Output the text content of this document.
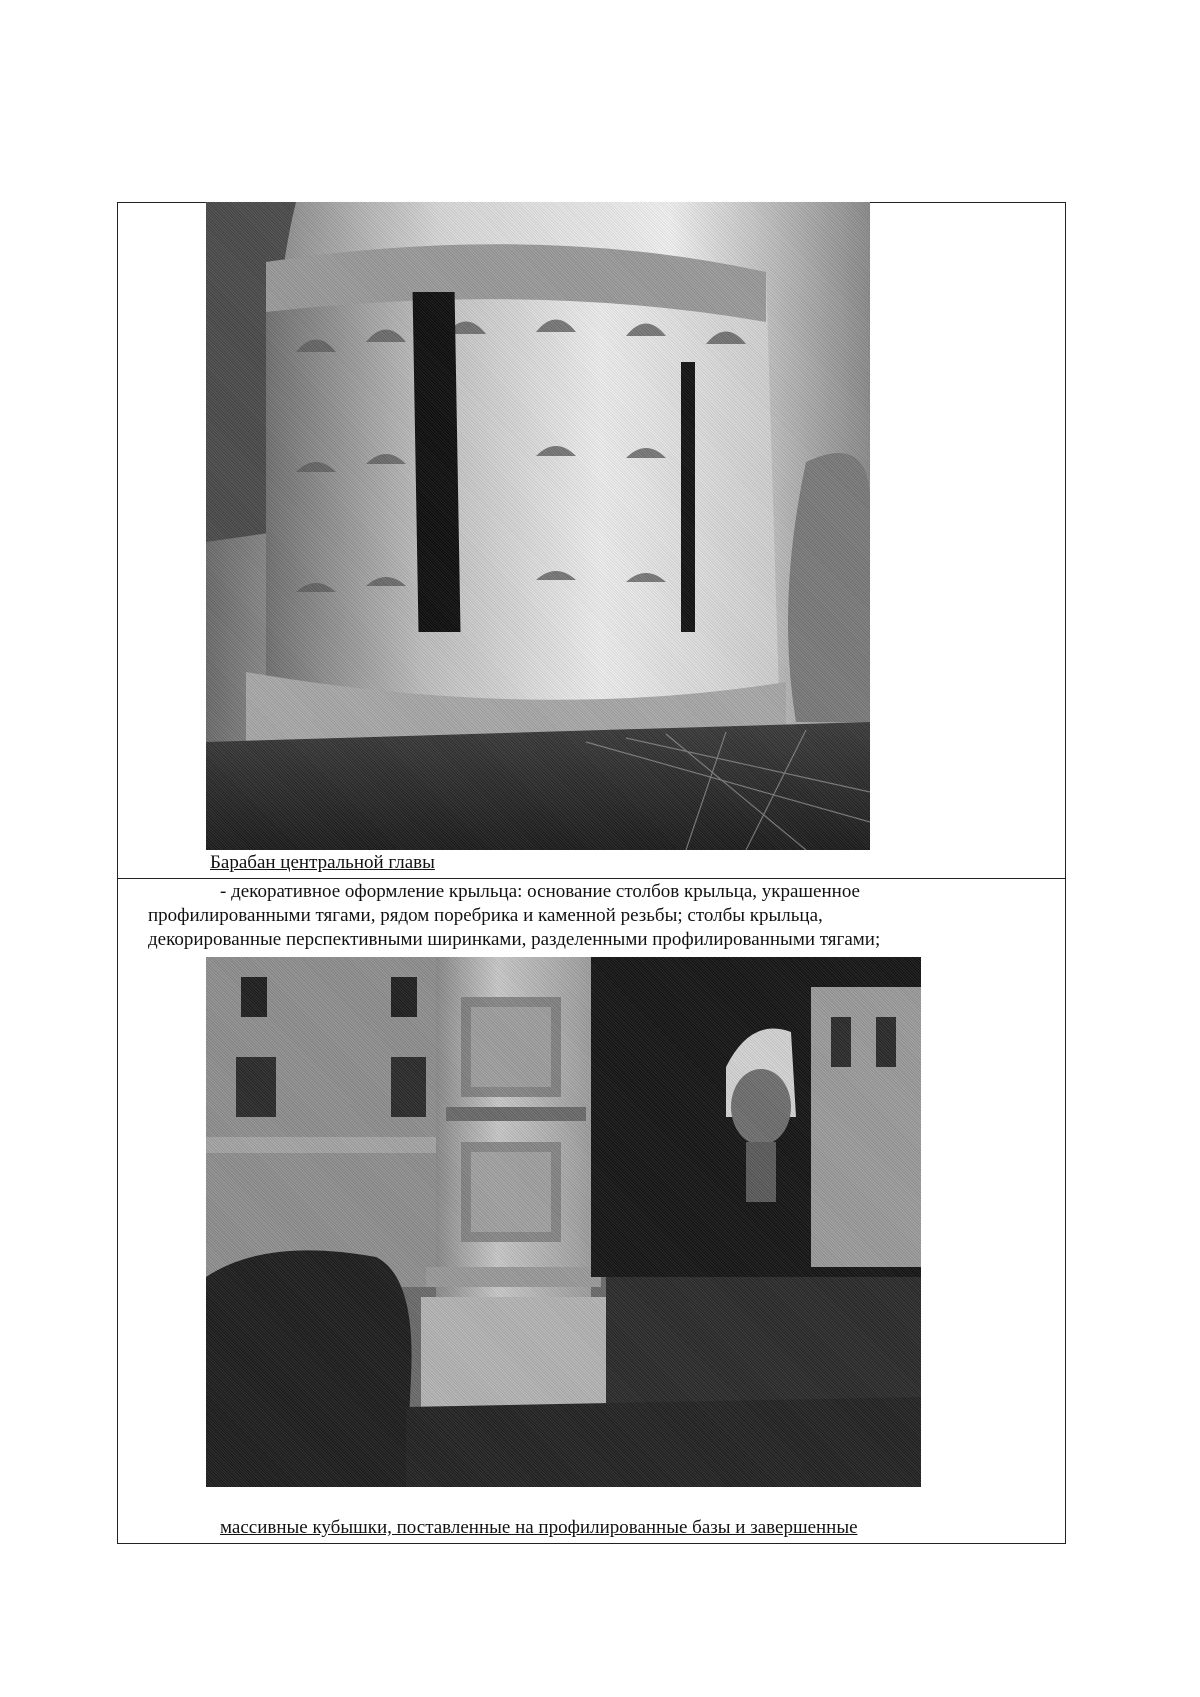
Барабан центральной главы
- декоративное оформление крыльца: основание столбов крыльца, украшенное
профилированными тягами, рядом поребрика и каменной резьбы; столбы крыльца,
декорированные перспективными ширинками, разделенными профилированными тягами;
массивные кубышки, поставленные на профилированные базы и завершенные
